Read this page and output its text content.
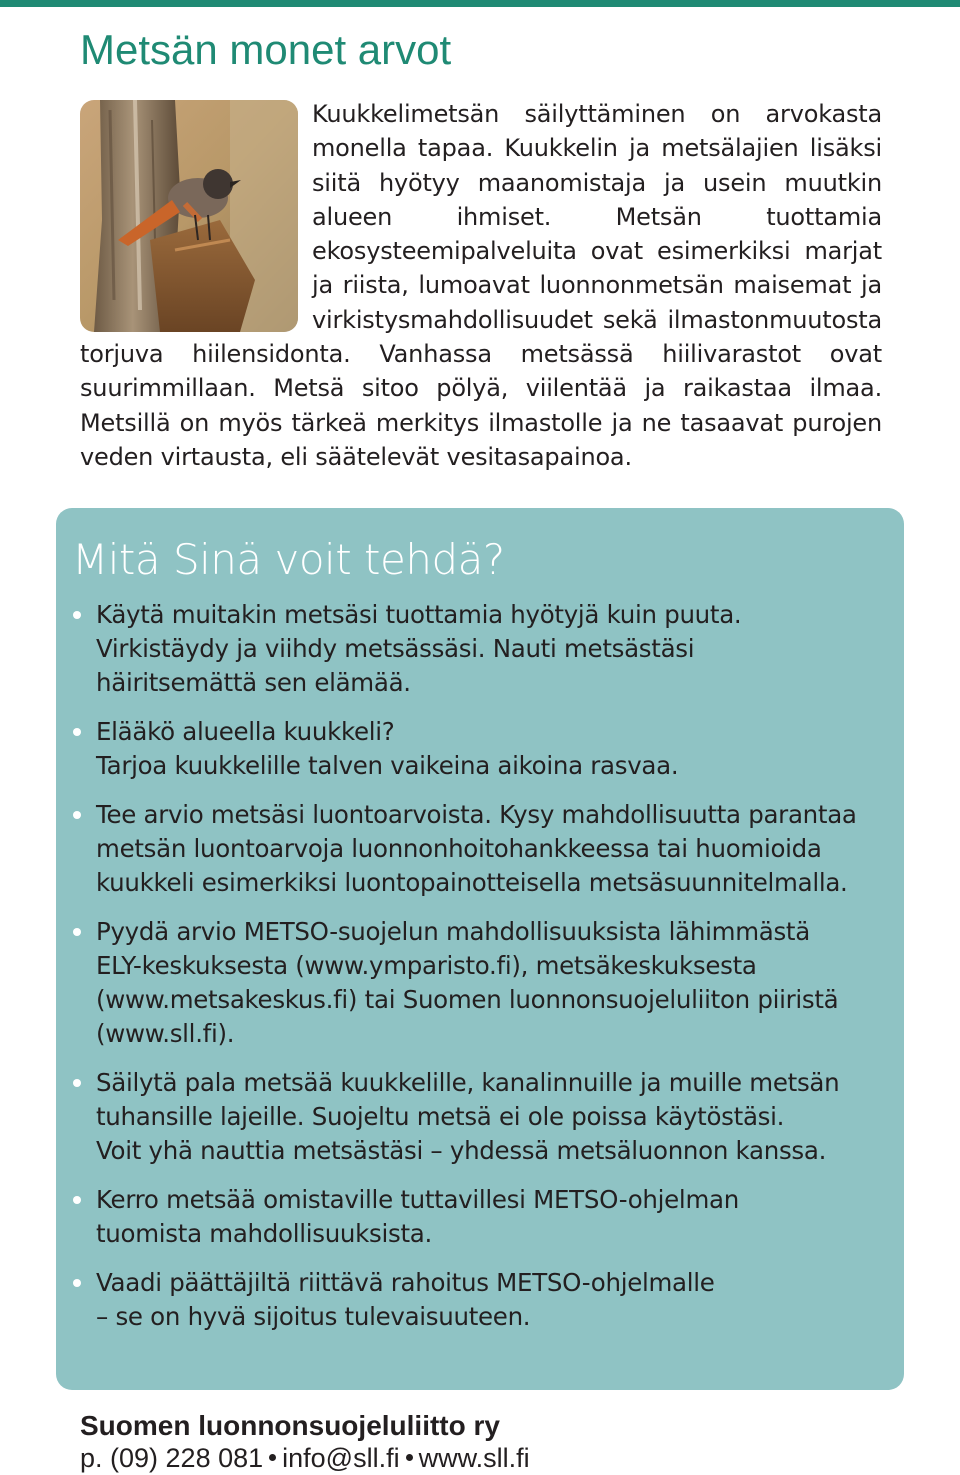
Metsän monet arvot

Kuukkelimetsän säilyttäminen on arvokasta monella tapaa. Kuukkelin ja metsälajien lisäksi siitä hyötyy maanomistaja ja usein muutkin alueen ihmiset. Metsän tuottamia ekosysteemipalveluita ovat esimerkiksi marjat ja riista, lumoavat luonnonmetsän maisemat ja virkistysmahdollisuudet sekä ilmastonmuutosta torjuva hiilensidonta. Vanhassa metsässä hiilivarastot ovat suurimmillaan. Metsä sitoo pölyä, viilentää ja raikastaa ilmaa. Metsillä on myös tärkeä merkitys ilmastolle ja ne tasaavat purojen veden virtausta, eli säätelevät vesitasapainoa.

Mitä Sinä voit tehdä?
Käytä muitakin metsäsi tuottamia hyötyjä kuin puuta.
Virkistäydy ja viihdy metsässäsi. Nauti metsästäsi
häiritsemättä sen elämää.
Elääkö alueella kuukkeli?
Tarjoa kuukkelille talven vaikeina aikoina rasvaa.
Tee arvio metsäsi luontoarvoista. Kysy mahdollisuutta parantaa
metsän luontoarvoja luonnonhoitohankkeessa tai huomioida
kuukkeli esimerkiksi luontopainotteisella metsäsuunnitelmalla.
Pyydä arvio METSO-suojelun mahdollisuuksista lähimmästä
ELY-keskuksesta (www.ymparisto.fi), metsäkeskuksesta
(www.metsakeskus.fi) tai Suomen luonnonsuojeluliiton piiristä
(www.sll.fi).
Säilytä pala metsää kuukkelille, kanalinnuille ja muille metsän
tuhansille lajeille. Suojeltu metsä ei ole poissa käytöstäsi.
Voit yhä nauttia metsästäsi – yhdessä metsäluonnon kanssa.
Kerro metsää omistaville tuttavillesi METSO-ohjelman
tuomista mahdollisuuksista.
Vaadi päättäjiltä riittävä rahoitus METSO-ohjelmalle
– se on hyvä sijoitus tulevaisuuteen.

Suomen luonnonsuojeluliitto ry

p. (09) 228 081 info@sll.fi www.sll.fi
